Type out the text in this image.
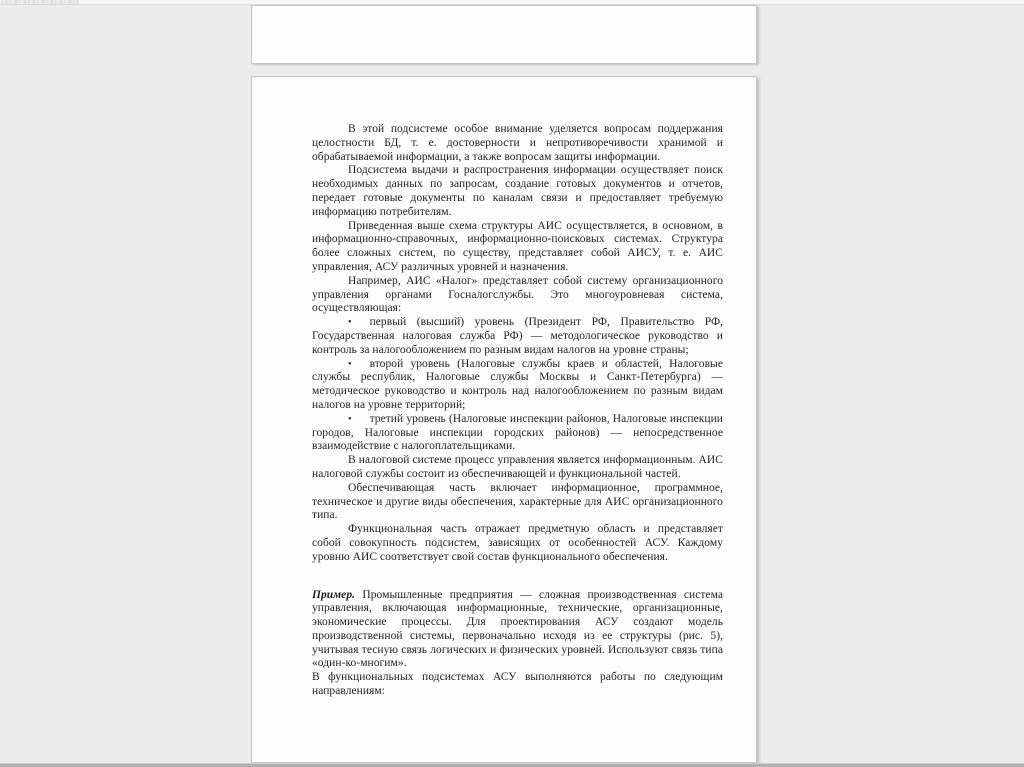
В этой подсистеме особое внимание уделяется вопросам поддержания целостности БД, т. е. достоверности и непротиворечивости хранимой и обрабатываемой информации, а также вопросам защиты информации.

Подсистема выдачи и распространения информации осуществляет поиск необходимых данных по запросам, создание готовых документов и отчетов, передает готовые документы по каналам связи и предоставляет требуемую информацию потребителям.

Приведенная выше схема структуры АИС осуществляется, в основном, в информационно-справочных, информационно-поисковых системах. Структура более сложных систем, по существу, представляет собой АИСУ, т. е. АИС управления, АСУ различных уровней и назначения.

Например, АИС «Налог» представляет собой систему организационного управления органами Госналогслужбы. Это многоуровневая система, осуществляющая:

• первый (высший) уровень (Президент РФ, Правительство РФ, Государственная налоговая служба РФ) — методологическое руководство и контроль за налогообложением по разным видам налогов на уровне страны;

• второй уровень (Налоговые службы краев и областей, Налоговые службы республик, Налоговые службы Москвы и Санкт-Петербурга) — методическое руководство и контроль над налогообложением по разным видам налогов на уровне территорий;

• третий уровень (Налоговые инспекции районов, Налоговые инспекции городов, Налоговые инспекции городских районов) — непосредственное взаимодействие с налогоплательщиками.

В налоговой системе процесс управления является информационным. АИС налоговой службы состоит из обеспечивающей и функциональной частей.

Обеспечивающая часть включает информационное, программное, техническое и другие виды обеспечения, характерные для АИС организационного типа.

Функциональная часть отражает предметную область и представляет собой совокупность подсистем, зависящих от особенностей АСУ. Каждому уровню АИС соответствует свой состав функционального обеспечения.

Пример. Промышленные предприятия — сложная производственная система управления, включающая информационные, технические, организационные, экономические процессы. Для проектирования АСУ создают модель производственной системы, первоначально исходя из ее структуры (рис. 5), учитывая тесную связь логических и физических уровней. Используют связь типа «один-ко-многим».

В функциональных подсистемах АСУ выполняются работы по следующим направлениям:
